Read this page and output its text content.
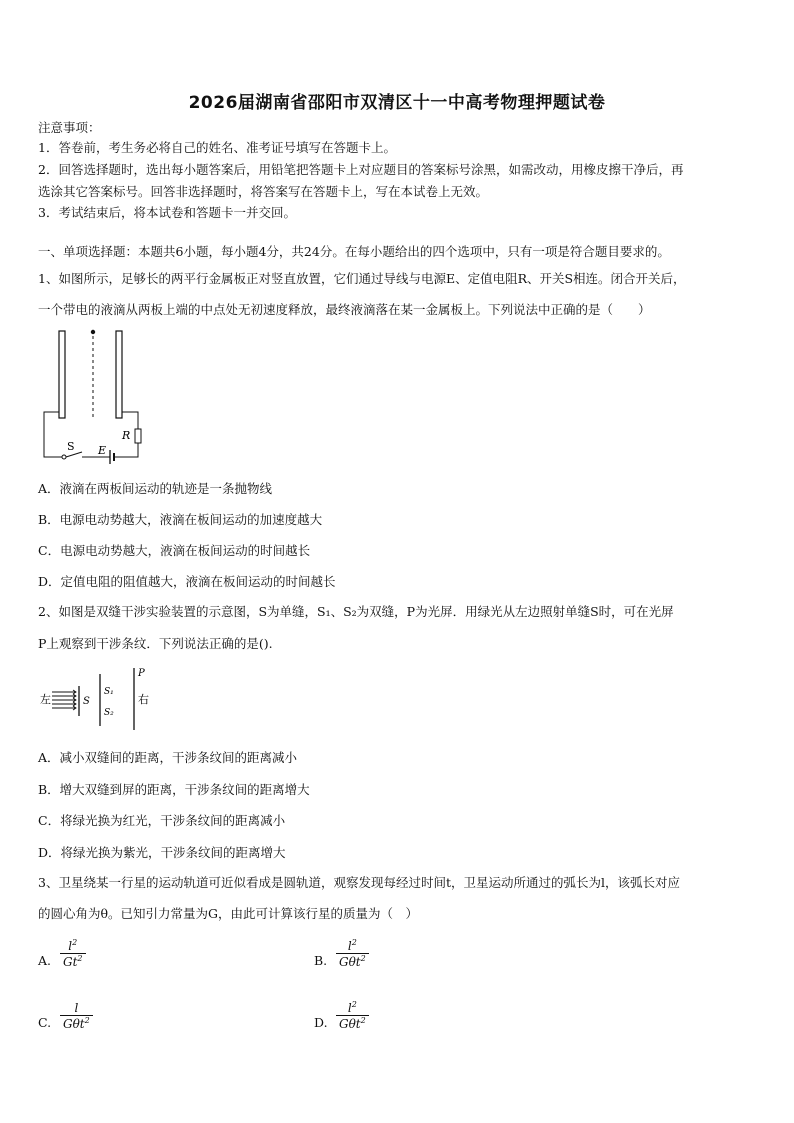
2026届湖南省邵阳市双清区十一中高考物理押题试卷
注意事项：
1．答卷前，考生务必将自己的姓名、准考证号填写在答题卡上。
2．回答选择题时，选出每小题答案后，用铅笔把答题卡上对应题目的答案标号涂黑，如需改动，用橡皮擦干净后，再
选涂其它答案标号。回答非选择题时，将答案写在答题卡上，写在本试卷上无效。
3．考试结束后，将本试卷和答题卡一并交回。
一、单项选择题：本题共6小题，每小题4分，共24分。在每小题给出的四个选项中，只有一项是符合题目要求的。
1、如图所示，足够长的两平行金属板正对竖直放置，它们通过导线与电源E、定值电阻R、开关S相连。闭合开关后，
一个带电的液滴从两板上端的中点处无初速度释放，最终液滴落在某一金属板上。下列说法中正确的是（　　）
S E
R
A．液滴在两板间运动的轨迹是一条抛物线
B．电源电动势越大，液滴在板间运动的加速度越大
C．电源电动势越大，液滴在板间运动的时间越长
D．定值电阻的阻值越大，液滴在板间运动的时间越长
2、如图是双缝干涉实验装置的示意图，S为单缝，S₁、S₂为双缝，P为光屏．用绿光从左边照射单缝S时，可在光屏
P上观察到干涉条纹．下列说法正确的是().
左	S
S₁
S₂
P
右
A．减小双缝间的距离，干涉条纹间的距离减小
B．增大双缝到屏的距离，干涉条纹间的距离增大
C．将绿光换为红光，干涉条纹间的距离减小
D．将绿光换为紫光，干涉条纹间的距离增大
3、卫星绕某一行星的运动轨道可近似看成是圆轨道，观察发现每经过时间t，卫星运动所通过的弧长为l，该弧长对应
的圆心角为θ。已知引力常量为G，由此可计算该行星的质量为（　）
A. $\frac{l^2}{Gt^2}$	B.
$l^2$
Gθt$^2$
C.
l
Gθt$^2$	D.
$l^2$
Gθt$^2$
